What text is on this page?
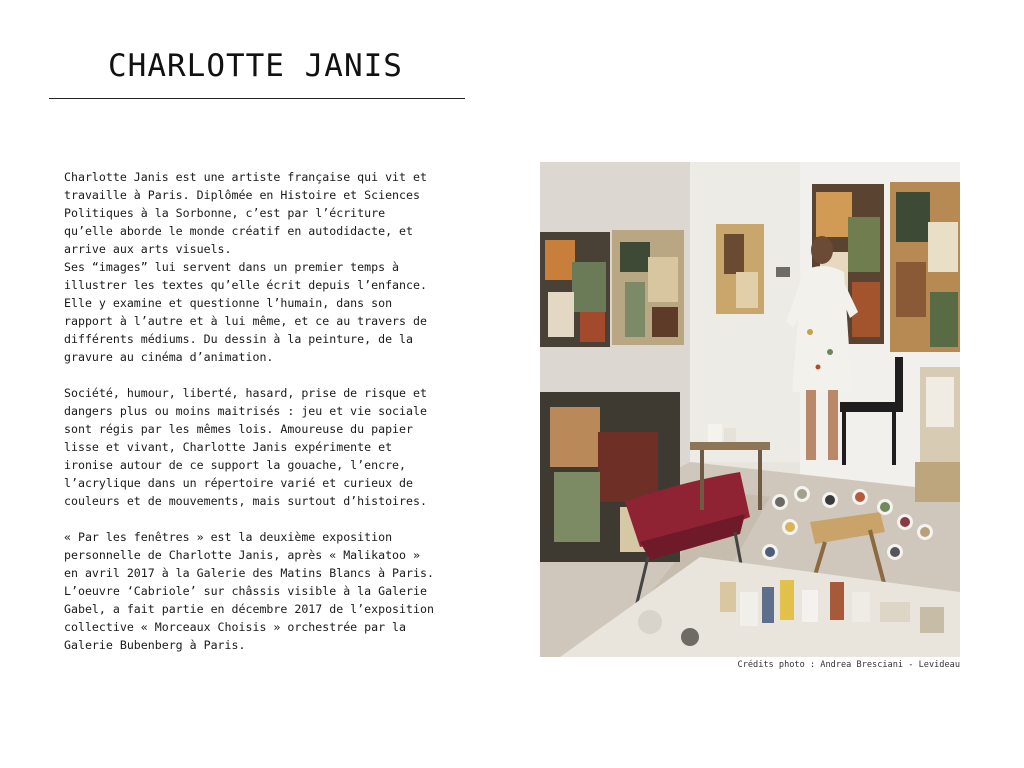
CHARLOTTE JANIS

Charlotte Janis est une artiste française qui vit et
travaille à Paris. Diplômée en Histoire et Sciences
Politiques à la Sorbonne, c’est par l’écriture
qu’elle aborde le monde créatif en autodidacte, et
arrive aux arts visuels.
Ses “images” lui servent dans un premier temps à
illustrer les textes qu’elle écrit depuis l’enfance.
Elle y examine et questionne l’humain, dans son
rapport à l’autre et à lui même, et ce au travers de
différents médiums. Du dessin à la peinture, de la
gravure au cinéma d’animation.

Société, humour, liberté, hasard, prise de risque et
dangers plus ou moins maitrisés : jeu et vie sociale
sont régis par les mêmes lois. Amoureuse du papier
lisse et vivant, Charlotte Janis expérimente et
ironise autour de ce support la gouache, l’encre,
l’acrylique dans un répertoire varié et curieux de
couleurs et de mouvements, mais surtout d’histoires.

« Par les fenêtres » est la deuxième exposition
personnelle de Charlotte Janis, après « Malikatoo »
en avril 2017 à la Galerie des Matins Blancs à Paris.
L’oeuvre ‘Cabriole’ sur châssis visible à la Galerie
Gabel, a fait partie en décembre 2017 de l’exposition
collective « Morceaux Choisis » orchestrée par la
Galerie Bubenberg à Paris.

Crédits photo : Andrea Bresciani - Levideau
